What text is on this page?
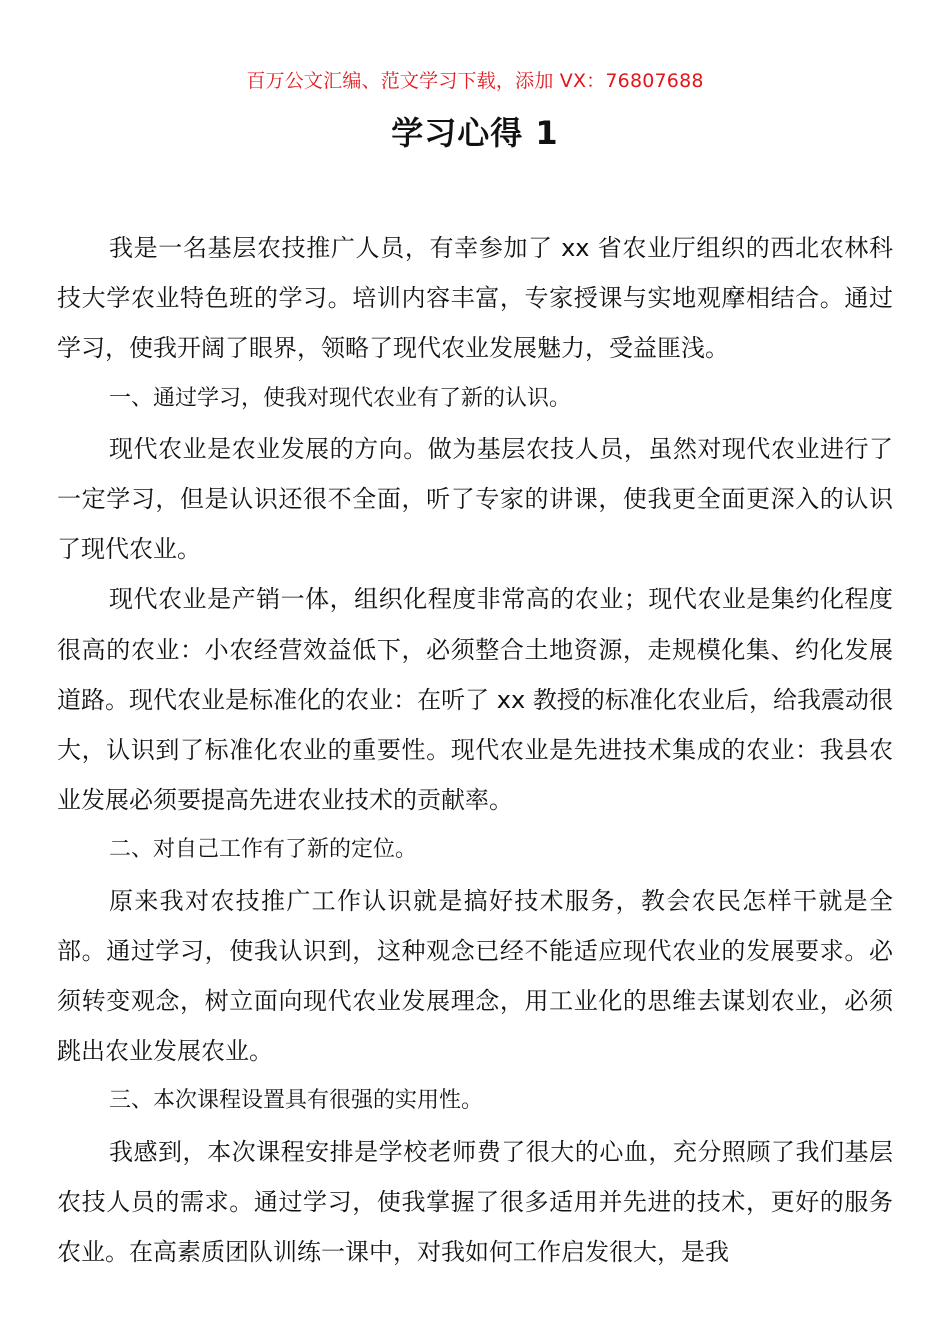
百万公文汇编、范文学习下载，添加 VX：76807688
学习心得 1

我是一名基层农技推广人员，有幸参加了 xx 省农业厅组织的西北农林科技大学农业特色班的学习。培训内容丰富，专家授课与实地观摩相结合。通过学习，使我开阔了眼界，领略了现代农业发展魅力，受益匪浅。

一、通过学习，使我对现代农业有了新的认识。

现代农业是农业发展的方向。做为基层农技人员，虽然对现代农业进行了一定学习，但是认识还很不全面，听了专家的讲课，使我更全面更深入的认识了现代农业。

现代农业是产销一体，组织化程度非常高的农业；现代农业是集约化程度很高的农业：小农经营效益低下，必须整合土地资源，走规模化集、约化发展道路。现代农业是标准化的农业：在听了 xx 教授的标准化农业后，给我震动很大，认识到了标准化农业的重要性。现代农业是先进技术集成的农业：我县农业发展必须要提高先进农业技术的贡献率。

二、对自己工作有了新的定位。

原来我对农技推广工作认识就是搞好技术服务，教会农民怎样干就是全部。通过学习，使我认识到，这种观念已经不能适应现代农业的发展要求。必须转变观念，树立面向现代农业发展理念，用工业化的思维去谋划农业，必须跳出农业发展农业。

三、本次课程设置具有很强的实用性。

我感到，本次课程安排是学校老师费了很大的心血，充分照顾了我们基层农技人员的需求。通过学习，使我掌握了很多适用并先进的技术，更好的服务农业。在高素质团队训练一课中，对我如何工作启发很大，是我
